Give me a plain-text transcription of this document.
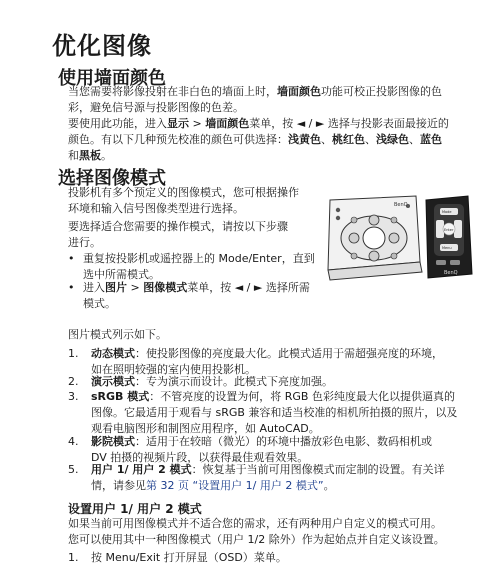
优化图像
使用墙面颜色
当您需要将影像投射在非白色的墙面上时，墙面颜色功能可校正投影图像的色
彩，避免信号源与投影图像的色差。
要使用此功能，进入显示 > 墙面颜色菜单，按 ◄ / ► 选择与投影表面最接近的
颜色。有以下几种预先校准的颜色可供选择：浅黄色、桃红色、浅绿色、蓝色
和黑板。
选择图像模式
投影机有多个预定义的图像模式，您可根据操作
环境和输入信号图像类型进行选择。
要选择适合您需要的操作模式，请按以下步骤
进行。
• 重复按投影机或遥控器上的 Mode/Enter，直到
选中所需模式。
• 进入图片 > 图像模式菜单，按 ◄ / ► 选择所需
模式。
图片模式列示如下。
1. 动态模式：使投影图像的亮度最大化。此模式适用于需超强亮度的环境，
如在照明较强的室内使用投影机。
2. 演示模式：专为演示而设计。此模式下亮度加强。
3. sRGB 模式：不管亮度的设置为何，将 RGB 色彩纯度最大化以提供逼真的
图像。它最适用于观看与 sRGB 兼容和适当校准的相机所拍摄的照片，以及
观看电脑图形和制图应用程序，如 AutoCAD。
4. 影院模式：适用于在较暗（微光）的环境中播放彩色电影、数码相机或
DV 拍摄的视频片段，以获得最佳观看效果。
5. 用户 1/ 用户 2 模式：恢复基于当前可用图像模式而定制的设置。有关详
情，请参见第 32 页 “设置用户 1/ 用户 2 模式”。
设置用户 1/ 用户 2 模式
如果当前可用图像模式并不适合您的需求，还有两种用户自定义的模式可用。
您可以使用其中一种图像模式（用户 1/2 除外）作为起始点并自定义该设置。
1. 按 Menu/Exit 打开屏显（OSD）菜单。
BenQ
Enter
Mode
Menu
BenQ
